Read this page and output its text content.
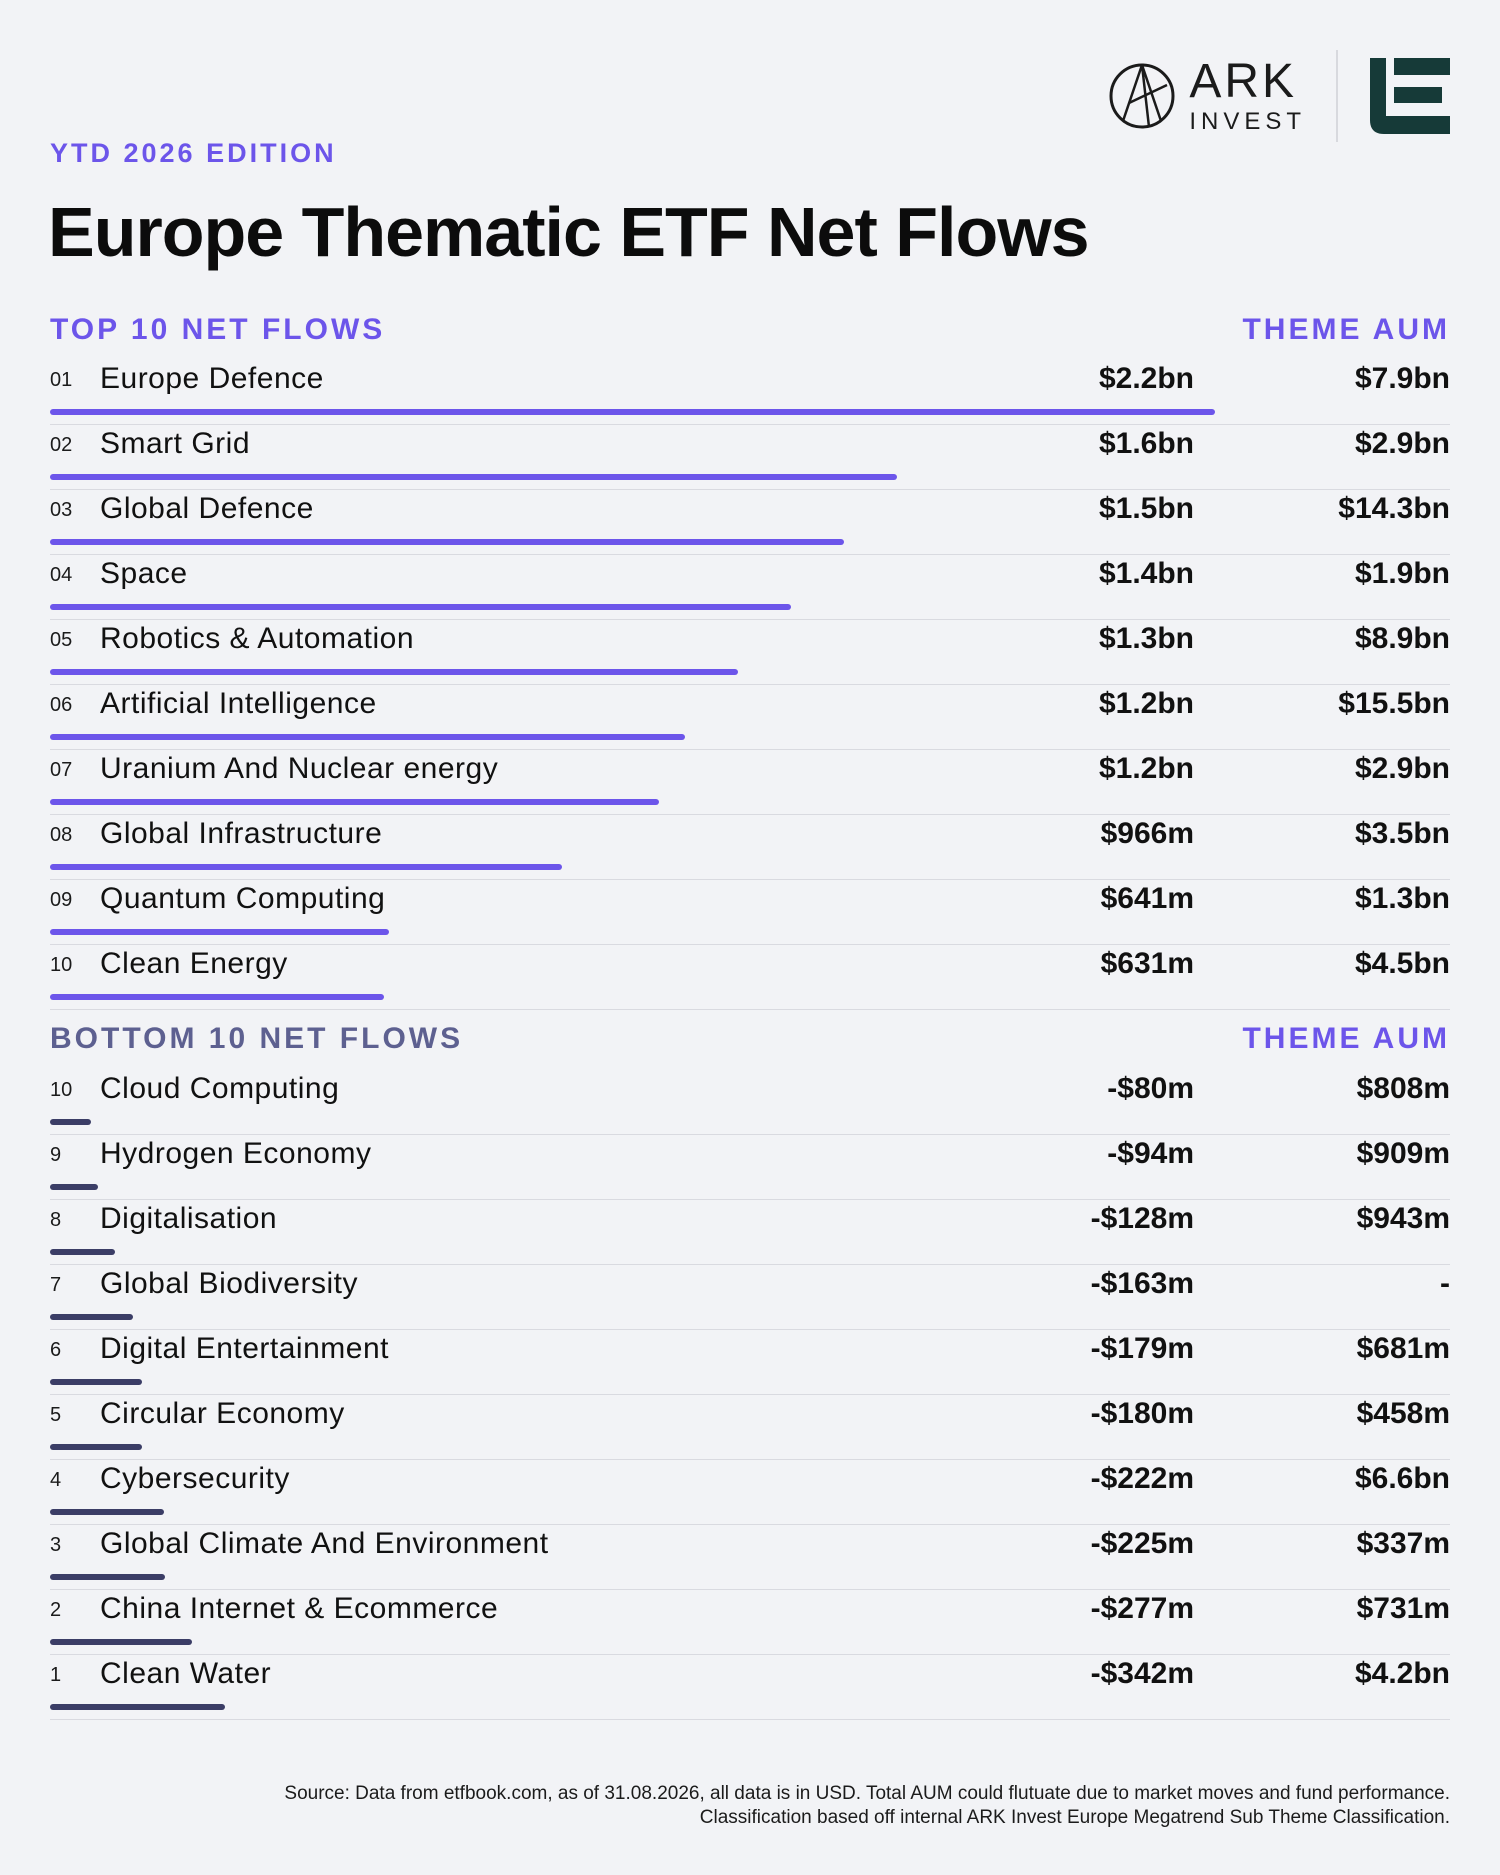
ARK
INVEST
YTD 2026 EDITION
Europe Thematic ETF Net Flows
TOP 10 NET FLOWS	THEME AUM
01 Europe Defence	$2.2bn	$7.9bn
02 Smart Grid	$1.6bn	$2.9bn
03 Global Defence	$1.5bn	$14.3bn
04 Space	$1.4bn	$1.9bn
05 Robotics & Automation	$1.3bn	$8.9bn
06 Artificial Intelligence	$1.2bn	$15.5bn
07 Uranium And Nuclear energy	$1.2bn	$2.9bn
08 Global Infrastructure	$966m	$3.5bn
09 Quantum Computing	$641m	$1.3bn
10 Clean Energy	$631m	$4.5bn
BOTTOM 10 NET FLOWS	THEME AUM
10 Cloud Computing	-$80m	$808m
9 Hydrogen Economy	-$94m	$909m
8 Digitalisation	-$128m	$943m
7 Global Biodiversity	-$163m	-
6 Digital Entertainment	-$179m	$681m
5 Circular Economy	-$180m	$458m
4 Cybersecurity	-$222m	$6.6bn
3 Global Climate And Environment	-$225m	$337m
2 China Internet & Ecommerce	-$277m	$731m
1 Clean Water	-$342m	$4.2bn
Source: Data from etfbook.com, as of 31.08.2026, all data is in USD. Total AUM could flutuate due to market moves and fund performance.
Classification based off internal ARK Invest Europe Megatrend Sub Theme Classification.
